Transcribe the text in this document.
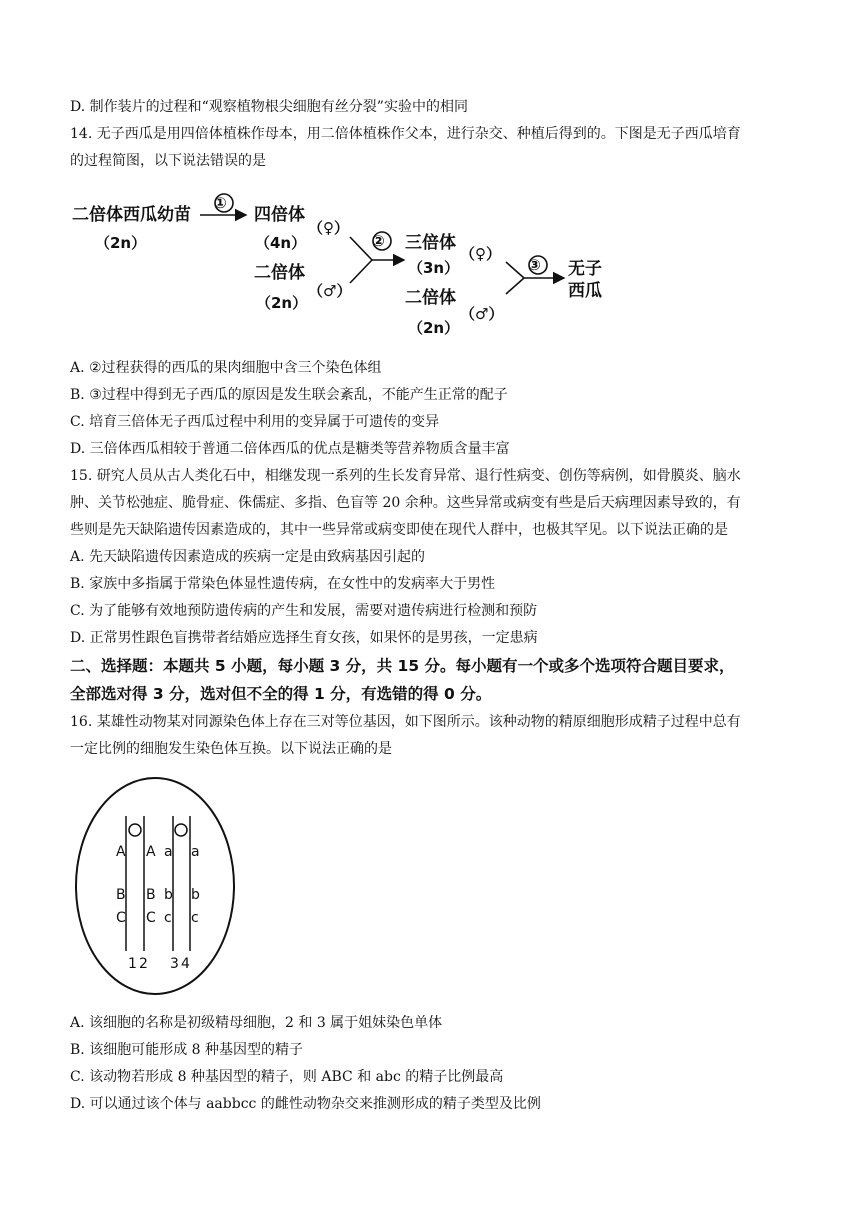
D. 制作装片的过程和“观察植物根尖细胞有丝分裂”实验中的相同
14. 无子西瓜是用四倍体植株作母本，用二倍体植株作父本，进行杂交、种植后得到的。下图是无子西瓜培育
的过程简图，以下说法错误的是
二倍体西瓜幼苗
（2n）
①
四倍体
（4n）
（♀）
二倍体
（2n）
（♂）
② 三倍体
（3n）
（♀）
二倍体
（2n）
（♂）
③ 无子
西瓜
A. ②过程获得的西瓜的果肉细胞中含三个染色体组
B. ③过程中得到无子西瓜的原因是发生联会紊乱，不能产生正常的配子
C. 培育三倍体无子西瓜过程中利用的变异属于可遗传的变异
D. 三倍体西瓜相较于普通二倍体西瓜的优点是糖类等营养物质含量丰富
15. 研究人员从古人类化石中，相继发现一系列的生长发育异常、退行性病变、创伤等病例，如骨膜炎、脑水
肿、关节松弛症、脆骨症、侏儒症、多指、色盲等 20 余种。这些异常或病变有些是后天病理因素导致的，有
些则是先天缺陷遗传因素造成的，其中一些异常或病变即使在现代人群中，也极其罕见。以下说法正确的是
A. 先天缺陷遗传因素造成的疾病一定是由致病基因引起的
B. 家族中多指属于常染色体显性遗传病，在女性中的发病率大于男性
C. 为了能够有效地预防遗传病的产生和发展，需要对遗传病进行检测和预防
D. 正常男性跟色盲携带者结婚应选择生育女孩，如果怀的是男孩，一定患病
二、选择题：本题共 5 小题，每小题 3 分，共 15 分。每小题有一个或多个选项符合题目要求，
全部选对得 3 分，选对但不全的得 1 分，有选错的得 0 分。
16. 某雄性动物某对同源染色体上存在三对等位基因，如下图所示。该种动物的精原细胞形成精子过程中总有
一定比例的细胞发生染色体互换。以下说法正确的是
A
B
C
A
B
C
a
b
c
a
b
c
1 2 3 4
A. 该细胞的名称是初级精母细胞，2 和 3 属于姐妹染色单体
B. 该细胞可能形成 8 种基因型的精子
C. 该动物若形成 8 种基因型的精子，则 ABC 和 abc 的精子比例最高
D. 可以通过该个体与 aabbcc 的雌性动物杂交来推测形成的精子类型及比例
